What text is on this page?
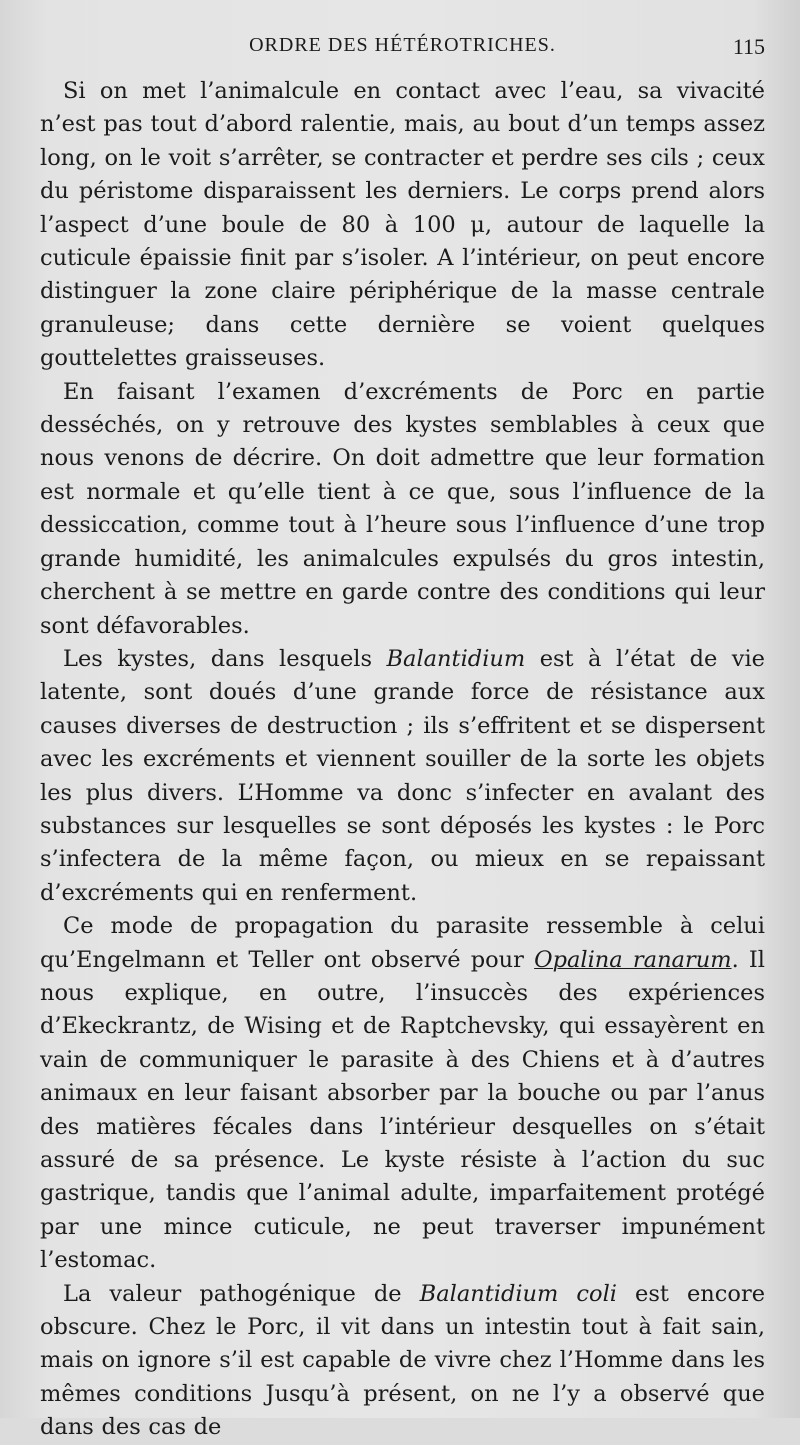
ORDRE DES HÉTÉROTRICHES.	115

Si on met l’animalcule en contact avec l’eau, sa vivacité n’est pas tout d’abord ralentie, mais, au bout d’un temps assez long, on le voit s’arrêter, se contracter et perdre ses cils ; ceux du péristome disparaissent les derniers. Le corps prend alors l’aspect d’une boule de 80 à 100 μ, autour de laquelle la cuticule épaissie finit par s’isoler. A l’intérieur, on peut encore distinguer la zone claire périphérique de la masse centrale granuleuse; dans cette dernière se voient quelques gouttelettes graisseuses.

En faisant l’examen d’excréments de Porc en partie desséchés, on y retrouve des kystes semblables à ceux que nous venons de décrire. On doit admettre que leur formation est normale et qu’elle tient à ce que, sous l’influence de la dessiccation, comme tout à l’heure sous l’influence d’une trop grande humidité, les animalcules expulsés du gros intestin, cherchent à se mettre en garde contre des conditions qui leur sont défavorables.

Les kystes, dans lesquels Balantidium est à l’état de vie latente, sont doués d’une grande force de résistance aux causes diverses de destruction ; ils s’effritent et se dispersent avec les excréments et viennent souiller de la sorte les objets les plus divers. L’Homme va donc s’infecter en avalant des substances sur lesquelles se sont déposés les kystes : le Porc s’infectera de la même façon, ou mieux en se repaissant d’excréments qui en renferment.

Ce mode de propagation du parasite ressemble à celui qu’Engelmann et Teller ont observé pour Opalina ranarum. Il nous explique, en outre, l’insuccès des expériences d’Ekeckrantz, de Wising et de Raptchevsky, qui essayèrent en vain de communiquer le parasite à des Chiens et à d’autres animaux en leur faisant absorber par la bouche ou par l’anus des matières fécales dans l’intérieur desquelles on s’était assuré de sa présence. Le kyste résiste à l’action du suc gastrique, tandis que l’animal adulte, imparfaitement protégé par une mince cuticule, ne peut traverser impunément l’estomac.

La valeur pathogénique de Balantidium coli est encore obscure. Chez le Porc, il vit dans un intestin tout à fait sain, mais on ignore s’il est capable de vivre chez l’Homme dans les mêmes conditions Jusqu’à présent, on ne l’y a observé que dans des cas de
